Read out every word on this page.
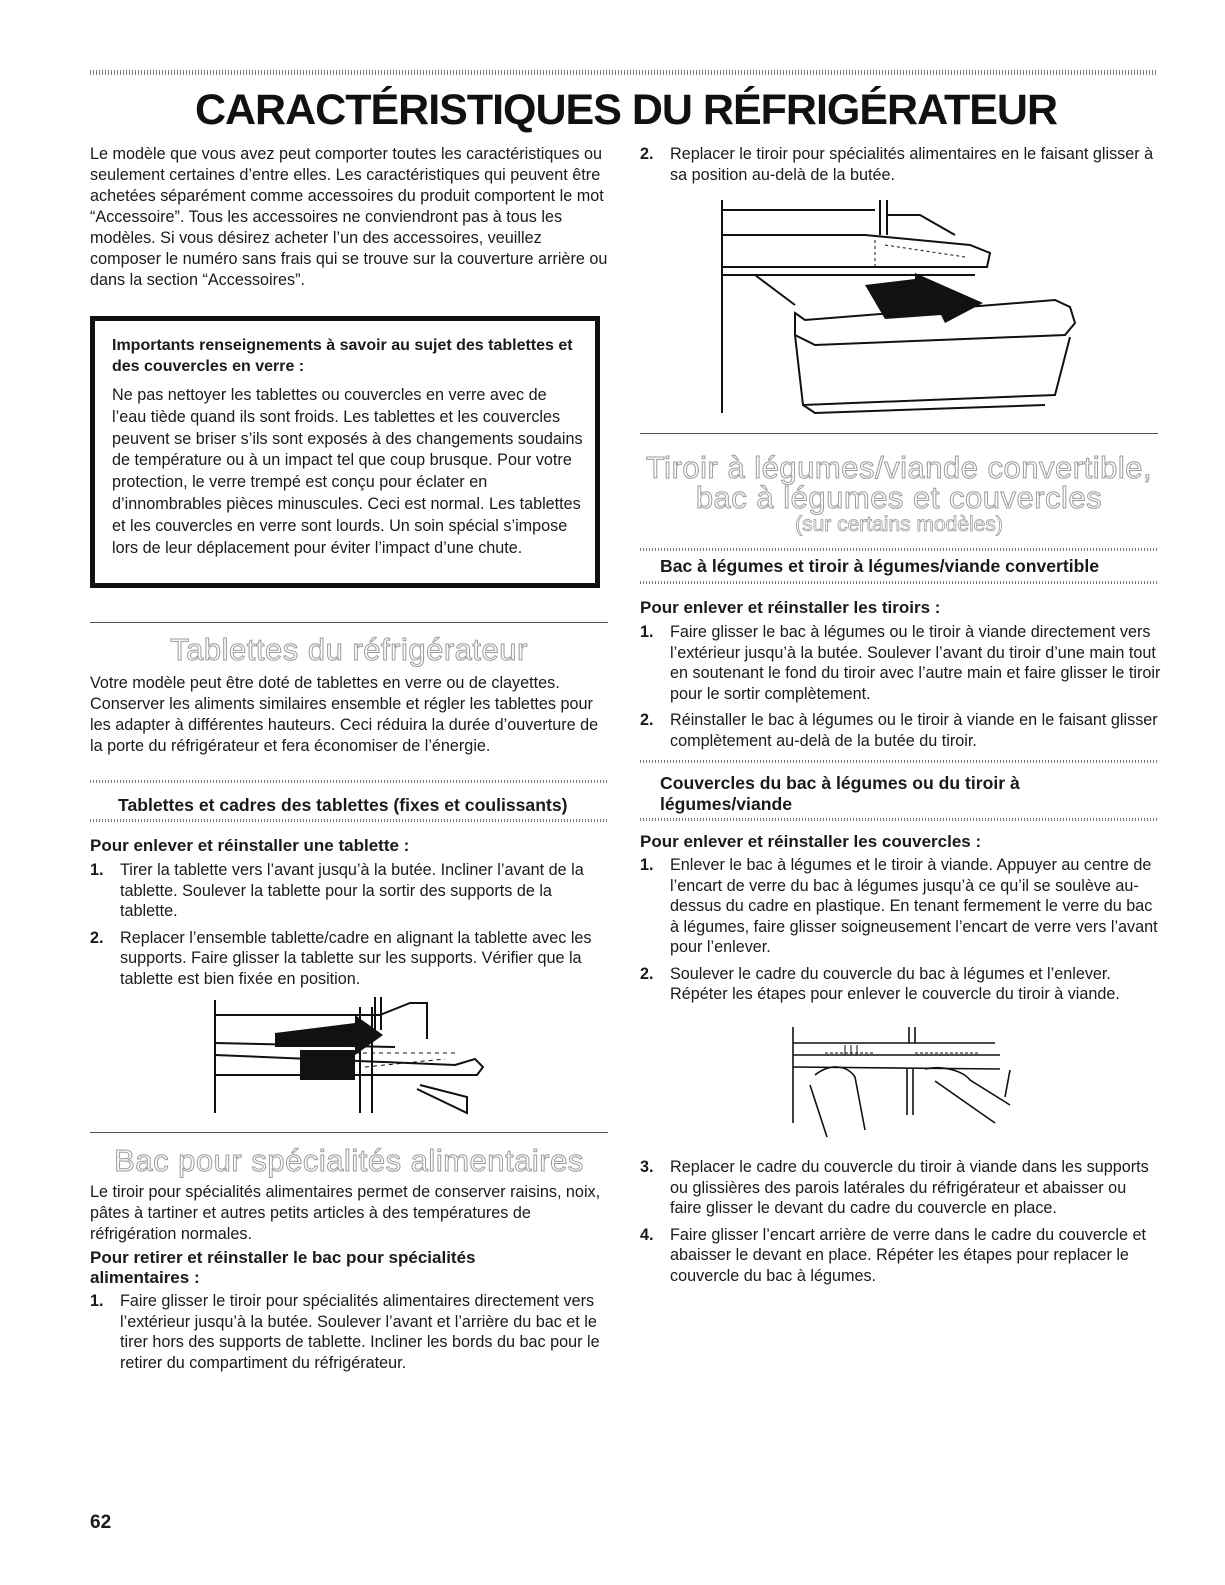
CARACTÉRISTIQUES DU RÉFRIGÉRATEUR

Le modèle que vous avez peut comporter toutes les caractéristiques ou seulement certaines d’entre elles. Les caractéristiques qui peuvent être achetées séparément comme accessoires du produit comportent le mot “Accessoire”. Tous les accessoires ne conviendront pas à tous les modèles. Si vous désirez acheter l’un des accessoires, veuillez composer le numéro sans frais qui se trouve sur la couverture arrière ou dans la section “Accessoires”.

Importants renseignements à savoir au sujet des tablettes et des couvercles en verre :

Ne pas nettoyer les tablettes ou couvercles en verre avec de l’eau tiède quand ils sont froids. Les tablettes et les couvercles peuvent se briser s’ils sont exposés à des changements soudains de température ou à un impact tel que coup brusque. Pour votre protection, le verre trempé est conçu pour éclater en d’innombrables pièces minuscules. Ceci est normal. Les tablettes et les couvercles en verre sont lourds. Un soin spécial s’impose lors de leur déplacement pour éviter l’impact d’une chute.

Tablettes du réfrigérateur

Votre modèle peut être doté de tablettes en verre ou de clayettes. Conserver les aliments similaires ensemble et régler les tablettes pour les adapter à différentes hauteurs. Ceci réduira la durée d’ouverture de la porte du réfrigérateur et fera économiser de l’énergie.

Tablettes et cadres des tablettes (fixes et coulissants)
Pour enlever et réinstaller une tablette :
1. Tirer la tablette vers l’avant jusqu’à la butée. Incliner l’avant de la tablette. Soulever la tablette pour la sortir des supports de la tablette.
2. Replacer l’ensemble tablette/cadre en alignant la tablette avec les supports. Faire glisser la tablette sur les supports. Vérifier que la tablette est bien fixée en position.
Bac pour spécialités alimentaires

Le tiroir pour spécialités alimentaires permet de conserver raisins, noix, pâtes à tartiner et autres petits articles à des températures de réfrigération normales.

Pour retirer et réinstaller le bac pour spécialités alimentaires :
1. Faire glisser le tiroir pour spécialités alimentaires directement vers l’extérieur jusqu’à la butée. Soulever l’avant et l’arrière du bac et le tirer hors des supports de tablette. Incliner les bords du bac pour le retirer du compartiment du réfrigérateur.
2. Replacer le tiroir pour spécialités alimentaires en le faisant glisser à sa position au-delà de la butée.
Tiroir à légumes/viande convertible,
bac à légumes et couvercles
(sur certains modèles)
Bac à légumes et tiroir à légumes/viande convertible
Pour enlever et réinstaller les tiroirs :
1. Faire glisser le bac à légumes ou le tiroir à viande directement vers l’extérieur jusqu’à la butée. Soulever l’avant du tiroir d’une main tout en soutenant le fond du tiroir avec l’autre main et faire glisser le tiroir pour le sortir complètement.
2. Réinstaller le bac à légumes ou le tiroir à viande en le faisant glisser complètement au-delà de la butée du tiroir.
Couvercles du bac à légumes ou du tiroir à légumes/viande
Pour enlever et réinstaller les couvercles :
1. Enlever le bac à légumes et le tiroir à viande. Appuyer au centre de l’encart de verre du bac à légumes jusqu’à ce qu’il se soulève au-dessus du cadre en plastique. En tenant fermement le verre du bac à légumes, faire glisser soigneusement l’encart de verre vers l’avant pour l’enlever.
2. Soulever le cadre du couvercle du bac à légumes et l’enlever. Répéter les étapes pour enlever le couvercle du tiroir à viande.
3. Replacer le cadre du couvercle du tiroir à viande dans les supports ou glissières des parois latérales du réfrigérateur et abaisser ou faire glisser le devant du cadre du couvercle en place.
4. Faire glisser l’encart arrière de verre dans le cadre du couvercle et abaisser le devant en place. Répéter les étapes pour replacer le couvercle du bac à légumes.
62
